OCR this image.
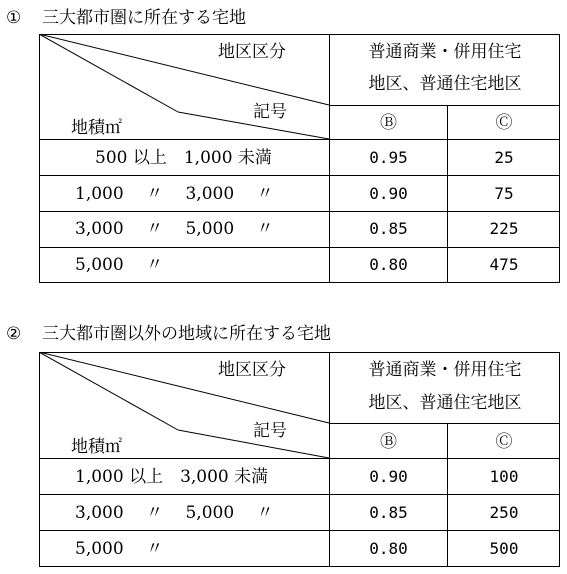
① 三大都市圏に所在する宅地
地区区分
記号
地積㎡
普通商業・併用住宅
地区、普通住宅地区
Ⓑ	Ⓒ
500 以上　1,000 未満	0.95	25
1,000　 〃　 3,000　 〃	0.90	75
3,000　 〃　 5,000　 〃	0.85	225
5,000　 〃	0.80	475
② 三大都市圏以外の地域に所在する宅地
地区区分
記号
地積㎡
普通商業・併用住宅
地区、普通住宅地区
Ⓑ	Ⓒ
1,000 以上　3,000 未満	0.90	100
3,000　 〃　 5,000　 〃	0.85	250
5,000　 〃	0.80	500
